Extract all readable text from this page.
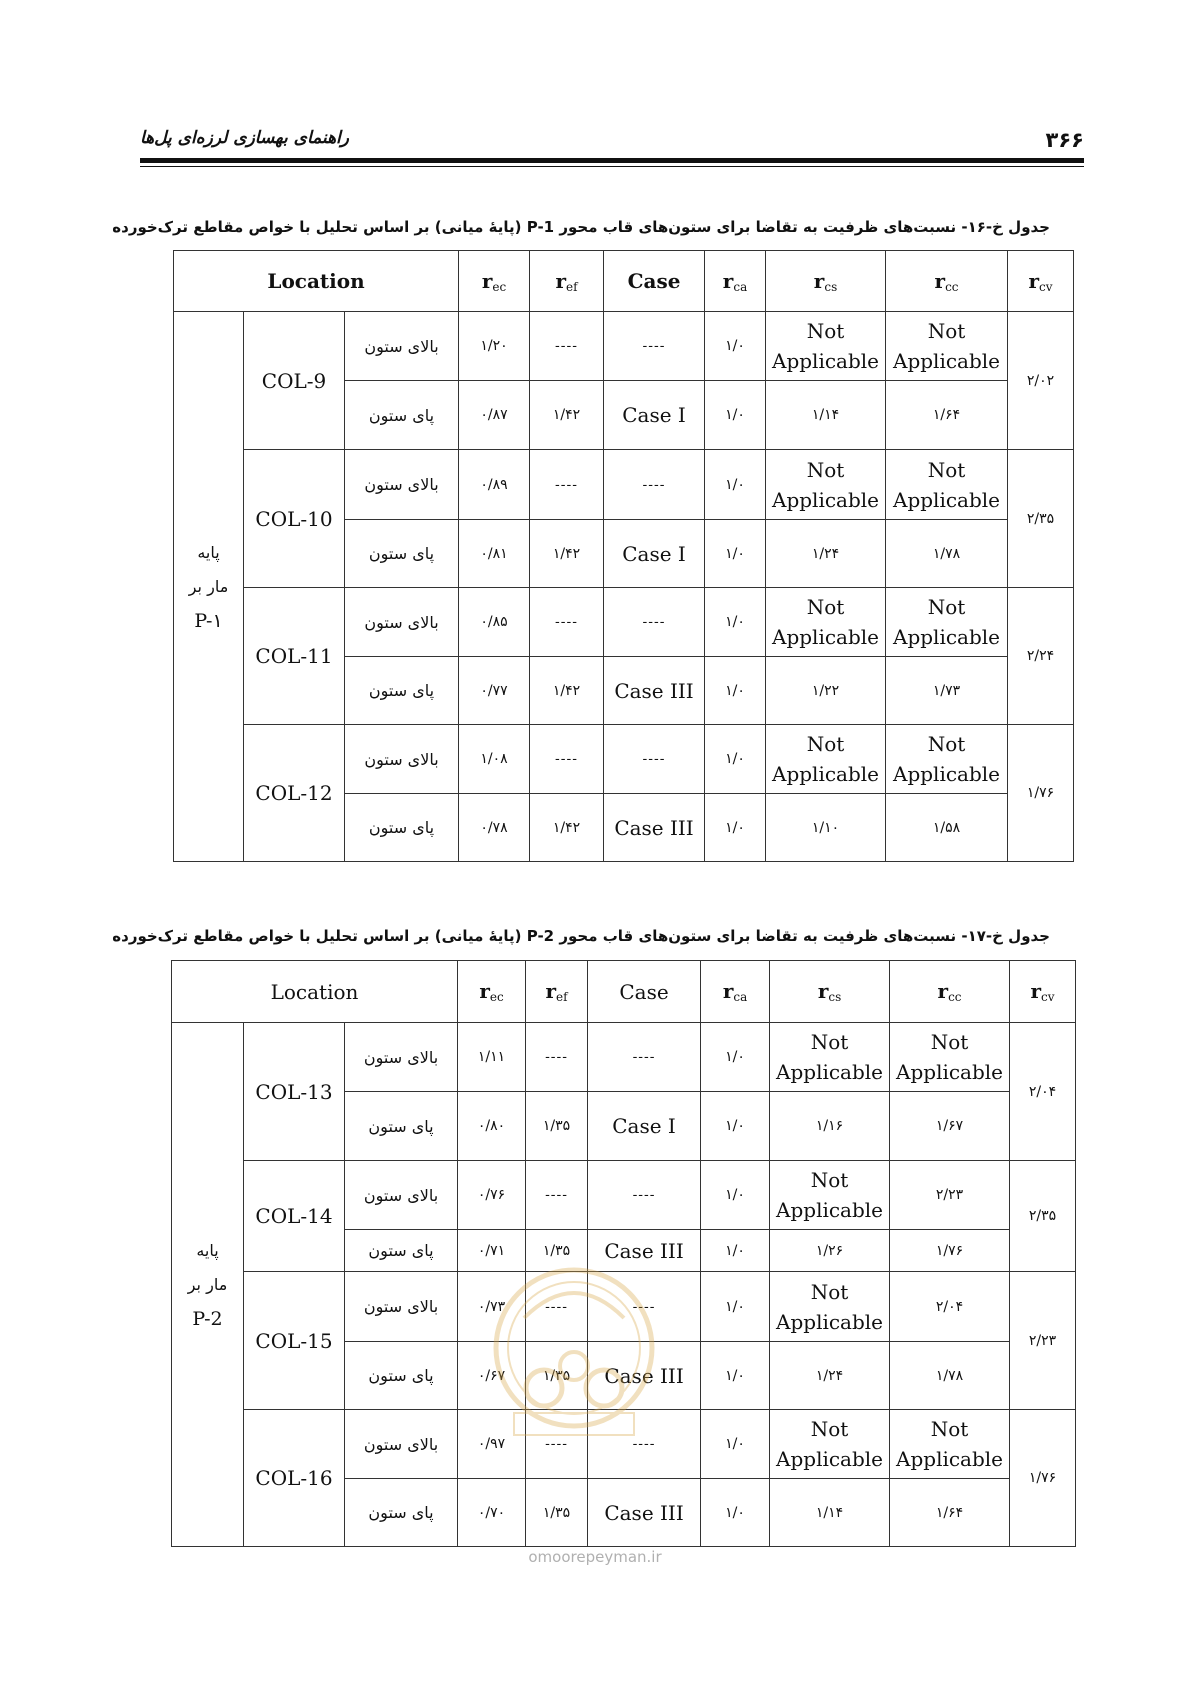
۳۶۶
راهنمای بهسازی لرزه‌ای پل‌ها
جدول خ-۱۶- نسبت‌های ظرفیت به تقاضا برای ستون‌های قاب محور P-1 (پایهٔ میانی) بر اساس تحلیل با خواص مقاطع ترک‌خورده
Location			$r_{ec}$	$r_{ef}$	Case	$r_{ca}$	$r_{cs}$	$r_{cc}$	$r_{cv}$

پایه
مار بر
P-۱	COL-9	بالای ستون	۱/۲۰	----	----	۱/۰	Not Applicable	Not Applicable	۲/۰۲
		پای ستون	۰/۸۷	۱/۴۲	Case I	۱/۰	۱/۱۴	۱/۶۴	
	COL-10	بالای ستون	۰/۸۹	----	----	۱/۰	Not Applicable	Not Applicable	۲/۳۵
		پای ستون	۰/۸۱	۱/۴۲	Case I	۱/۰	۱/۲۴	۱/۷۸	
	COL-11	بالای ستون	۰/۸۵	----	----	۱/۰	Not Applicable	Not Applicable	۲/۲۴
		پای ستون	۰/۷۷	۱/۴۲	Case III	۱/۰	۱/۲۲	۱/۷۳	
	COL-12	بالای ستون	۱/۰۸	----	----	۱/۰	Not Applicable	Not Applicable	۱/۷۶
		پای ستون	۰/۷۸	۱/۴۲	Case III	۱/۰	۱/۱۰	۱/۵۸	
جدول خ-۱۷- نسبت‌های ظرفیت به تقاضا برای ستون‌های قاب محور P-2 (پایهٔ میانی) بر اساس تحلیل با خواص مقاطع ترک‌خورده
Location			$r_{ec}$	$r_{ef}$	Case	$r_{ca}$	$r_{cs}$	$r_{cc}$	$r_{cv}$

پایه
مار بر
P-2	COL-13	بالای ستون	۱/۱۱	----	----	۱/۰	Not Applicable	Not Applicable	۲/۰۴
		پای ستون	۰/۸۰	۱/۳۵	Case I	۱/۰	۱/۱۶	۱/۶۷	
	COL-14	بالای ستون	۰/۷۶	----	----	۱/۰	Not Applicable	۲/۲۳	۲/۳۵
		پای ستون	۰/۷۱	۱/۳۵	Case III	۱/۰	۱/۲۶	۱/۷۶	
	COL-15	بالای ستون	۰/۷۳	----	----	۱/۰	Not Applicable	۲/۰۴	۲/۲۳
		پای ستون	۰/۶۷	۱/۳۵	Case III	۱/۰	۱/۲۴	۱/۷۸	
	COL-16	بالای ستون	۰/۹۷	----	----	۱/۰	Not Applicable	Not Applicable	۱/۷۶
		پای ستون	۰/۷۰	۱/۳۵	Case III	۱/۰	۱/۱۴	۱/۶۴	
omoorepeyman.ir
